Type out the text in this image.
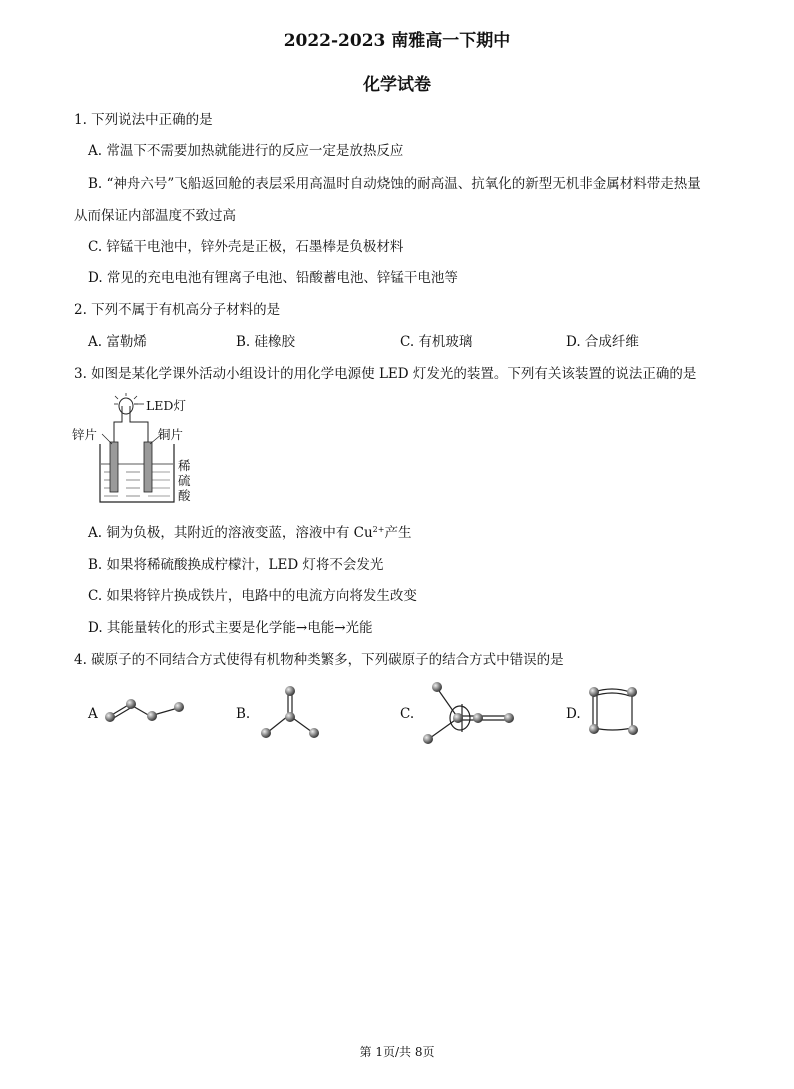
2022-2023 南雅高一下期中
化学试卷
1. 下列说法中正确的是
A. 常温下不需要加热就能进行的反应一定是放热反应
B. “神舟六号”飞船返回舱的表层采用高温时自动烧蚀的耐高温、抗氧化的新型无机非金属材料带走热量
从而保证内部温度不致过高
C. 锌锰干电池中，锌外壳是正极，石墨棒是负极材料
D. 常见的充电电池有锂离子电池、铅酸蓄电池、锌锰干电池等
2. 下列不属于有机高分子材料的是
A. 富勒烯	B. 硅橡胶	C. 有机玻璃	D. 合成纤维
3. 如图是某化学课外活动小组设计的用化学电源使 LED 灯发光的装置。下列有关该装置的说法正确的是
LED灯
锌片	铜片
稀
硫
酸
A. 铜为负极，其附近的溶液变蓝，溶液中有 $Cu^{2+}$产生
B. 如果将稀硫酸换成柠檬汁，LED 灯将不会发光
C. 如果将锌片换成铁片，电路中的电流方向将发生改变
D. 其能量转化的形式主要是化学能→电能→光能
4. 碳原子的不同结合方式使得有机物种类繁多，下列碳原子的结合方式中错误的是
A	B.	C.	D.
第 1页/共 8页
